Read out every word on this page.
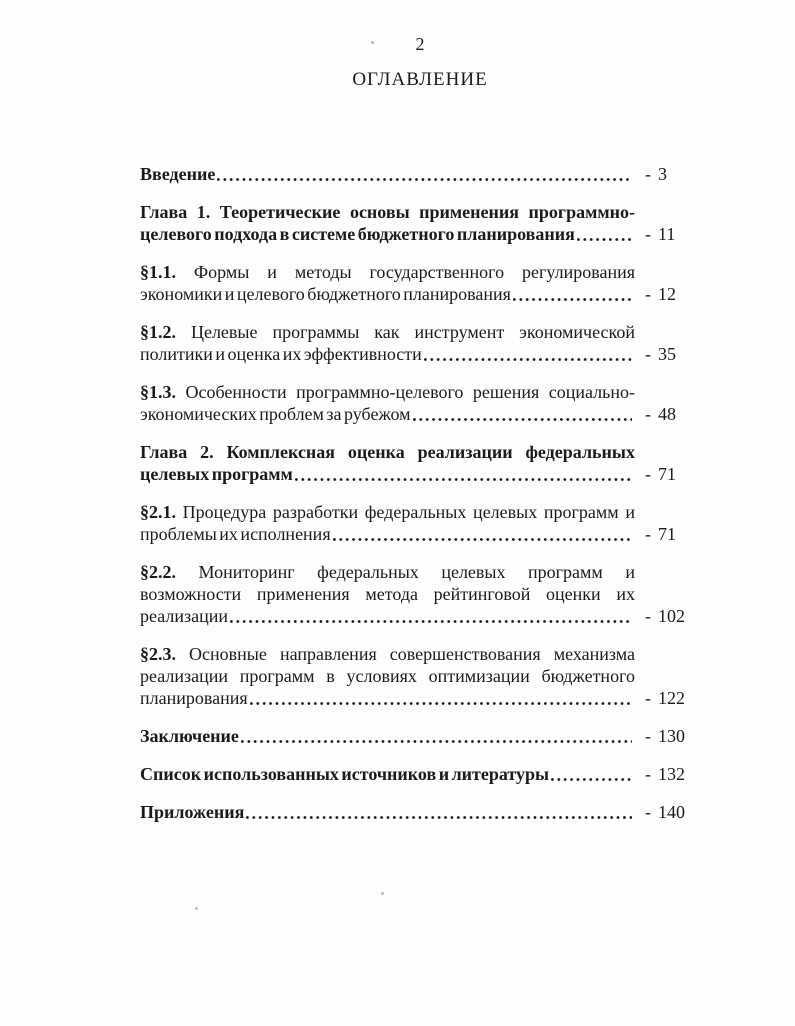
2
ОГЛАВЛЕНИЕ
Введение	- 3
Глава 1. Теоретические основы применения программно-
целевого подхода в системе бюджетного планирования	- 11
§1.1. Формы и методы государственного регулирования
экономики и целевого бюджетного планирования	- 12
§1.2. Целевые программы как инструмент экономической
политики и оценка их эффективности	- 35
§1.3. Особенности программно-целевого решения социально-
экономических проблем за рубежом	- 48
Глава 2. Комплексная оценка реализации федеральных
целевых программ	- 71
§2.1. Процедура разработки федеральных целевых программ и
проблемы их исполнения	- 71
§2.2. Мониторинг федеральных целевых программ и
возможности применения метода рейтинговой оценки их
реализации	- 102
§2.3. Основные направления совершенствования механизма
реализации программ в условиях оптимизации бюджетного
планирования	- 122
Заключение	- 130
Список использованных источников и литературы	- 132
Приложения	- 140
